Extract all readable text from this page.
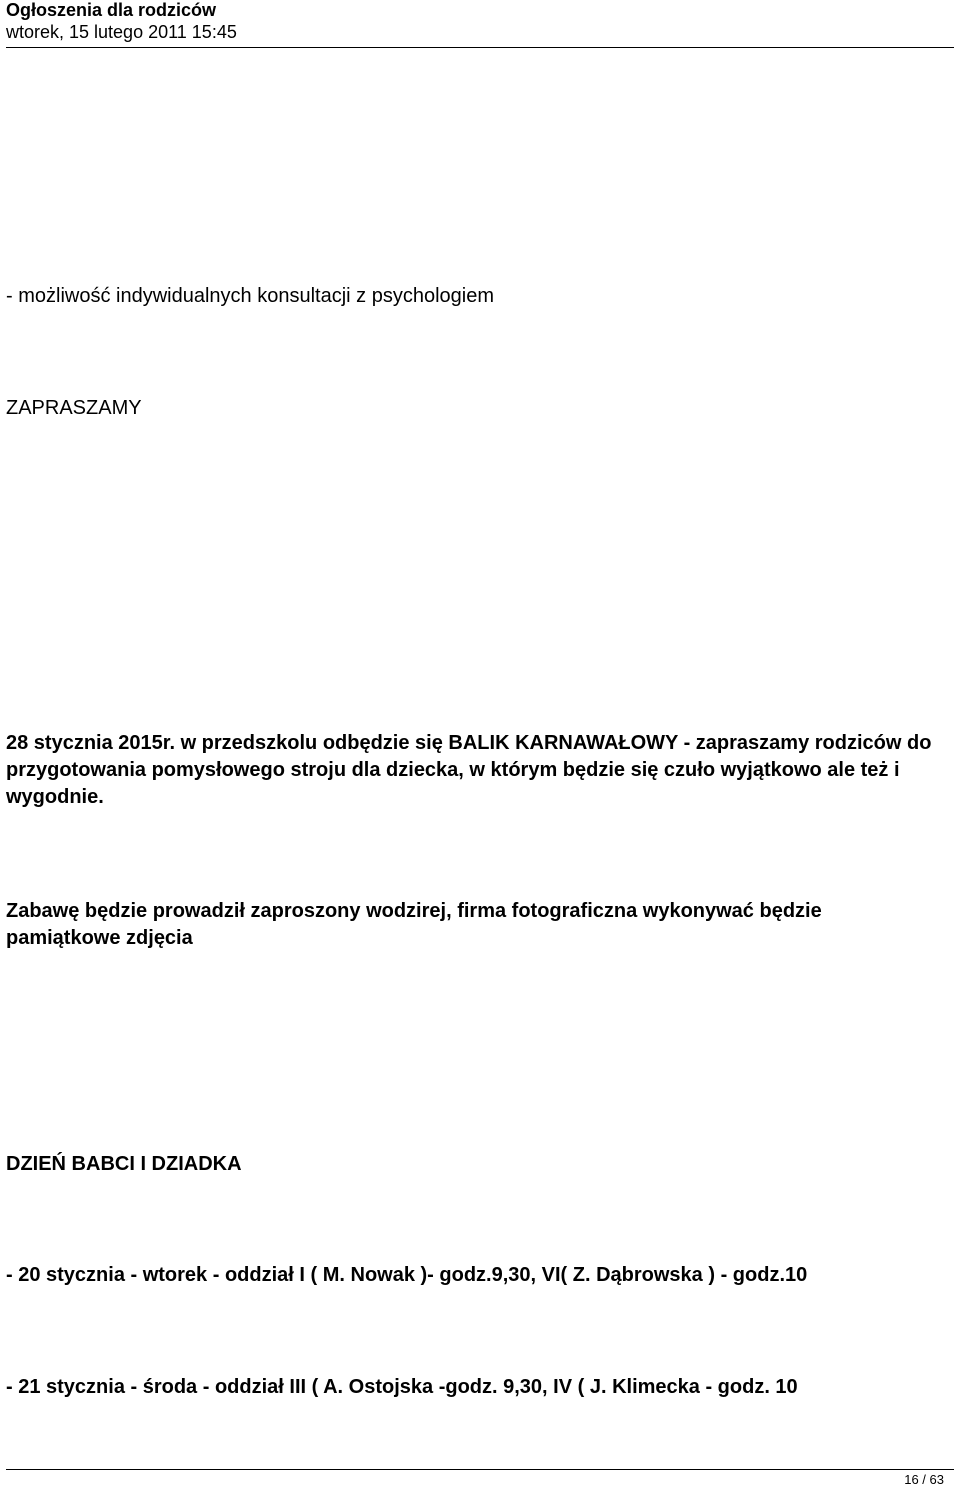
Ogłoszenia dla rodziców
wtorek, 15 lutego 2011 15:45

- możliwość indywidualnych konsultacji z psychologiem

ZAPRASZAMY

28 stycznia 2015r. w przedszkolu odbędzie się BALIK KARNAWAŁOWY - zapraszamy rodziców do przygotowania pomysłowego stroju dla dziecka, w którym będzie się czuło wyjątkowo ale też i wygodnie.

Zabawę będzie prowadził zaproszony wodzirej, firma fotograficzna wykonywać będzie pamiątkowe zdjęcia

DZIEŃ BABCI I DZIADKA

- 20 stycznia - wtorek - oddział I ( M. Nowak )- godz.9,30, VI( Z. Dąbrowska ) - godz.10

- 21 stycznia - środa - oddział III ( A. Ostojska -godz. 9,30, IV ( J. Klimecka - godz. 10

16 / 63
